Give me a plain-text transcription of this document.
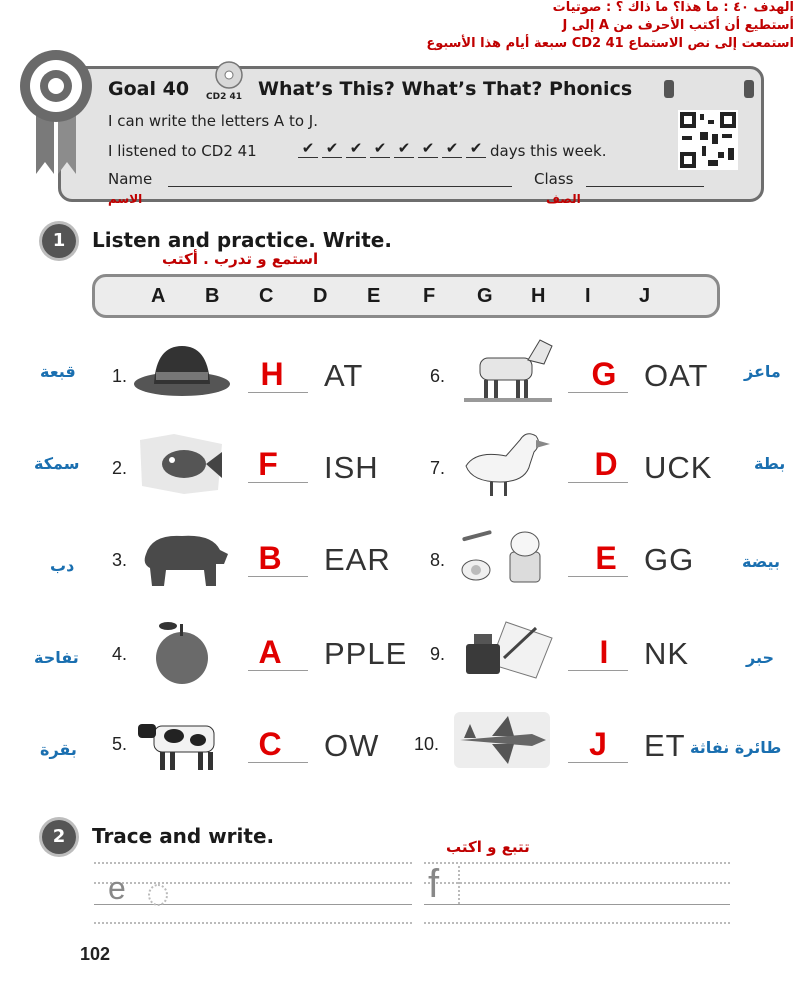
الهدف ٤٠ : ما هذا؟ ما ذاك ؟ : صوتيات
أستطيع أن أكتب الأحرف من A إلى J
استمعت إلى نص الاستماع CD2 41 سبعة أيام هذا الأسبوع
Goal 40 CD2 41 What’s This? What’s That? Phonics
I can write the letters A to J.
I listened to CD2 41	✔ ✔ ✔ ✔ ✔ ✔ ✔ ✔ days this week.
Name	Class
الاسم	الصف
1	Listen and practice. Write.
استمع و تدرب . أكتب
A B C D E F G H I J
قبعة 1.	H	AT
سمكة 2.	F	ISH
دب 3.	B	EAR
تفاحة 4.	A	PPLE
بقرة 5.	C	OW
6.	G OAT ماعز
7.	D UCK	بطة
8.	E GG	بيضة
9.	I	NK	حبر
10.	J	ET طائرة نفاثة
2	Trace and write.	تتبع و اكتب
e	f
102
